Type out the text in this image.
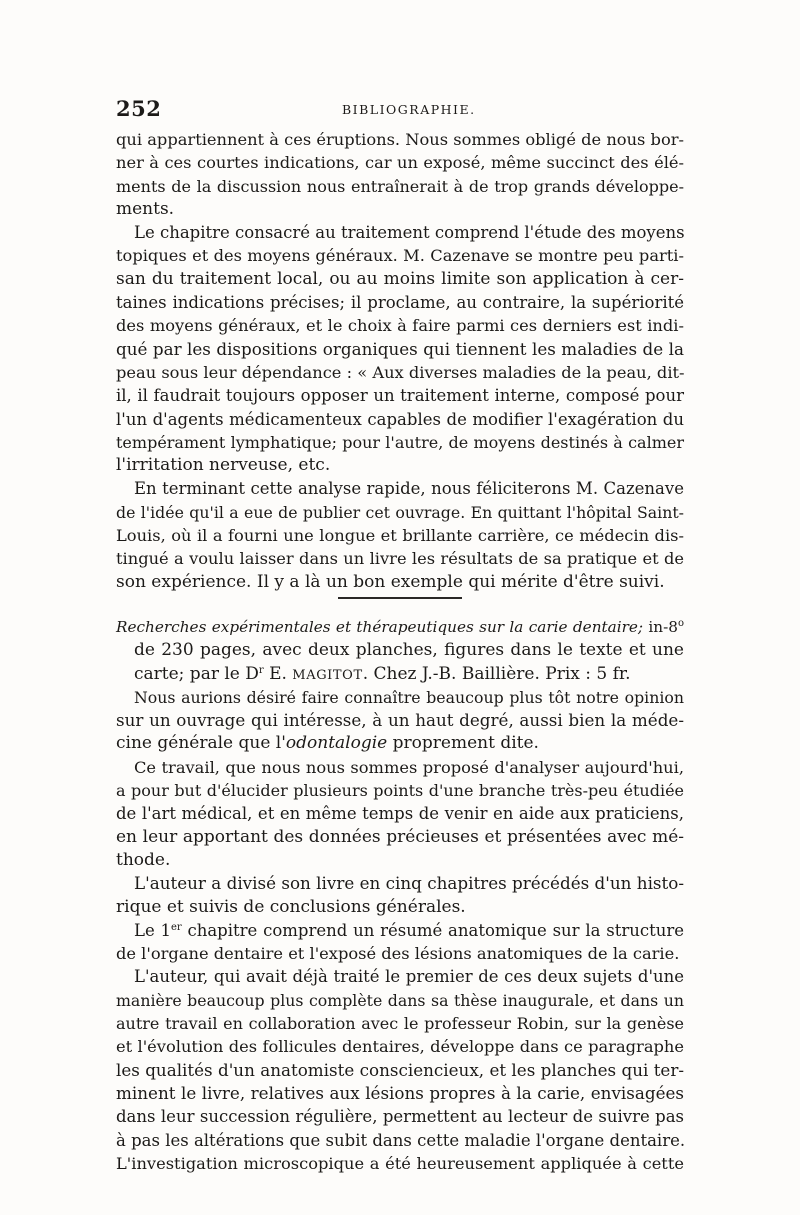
252	BIBLIOGRAPHIE.
qui appartiennent à ces éruptions. Nous sommes obligé de nous bor-
ner à ces courtes indications, car un exposé, même succinct des élé-
ments de la discussion nous entraînerait à de trop grands développe-
ments.
Le chapitre consacré au traitement comprend l'étude des moyens
topiques et des moyens généraux. M. Cazenave se montre peu parti-
san du traitement local, ou au moins limite son application à cer-
taines indications précises; il proclame, au contraire, la supériorité
des moyens généraux, et le choix à faire parmi ces derniers est indi-
qué par les dispositions organiques qui tiennent les maladies de la
peau sous leur dépendance : « Aux diverses maladies de la peau, dit-
il, il faudrait toujours opposer un traitement interne, composé pour
l'un d'agents médicamenteux capables de modifier l'exagération du
tempérament lymphatique; pour l'autre, de moyens destinés à calmer
l'irritation nerveuse, etc.
En terminant cette analyse rapide, nous féliciterons M. Cazenave
de l'idée qu'il a eue de publier cet ouvrage. En quittant l'hôpital Saint-
Louis, où il a fourni une longue et brillante carrière, ce médecin dis-
tingué a voulu laisser dans un livre les résultats de sa pratique et de
son expérience. Il y a là un bon exemple qui mérite d'être suivi.
Recherches expérimentales et thérapeutiques sur la carie dentaire; in-8$^o$
de 230 pages, avec deux planches, figures dans le texte et une
carte; par le $D^r$ E. MAGITOT. Chez J.-B. Baillière. Prix : 5 fr.
Nous aurions désiré faire connaître beaucoup plus tôt notre opinion
sur un ouvrage qui intéresse, à un haut degré, aussi bien la méde-
cine générale que l'odontalogie proprement dite.
Ce travail, que nous nous sommes proposé d'analyser aujourd'hui,
a pour but d'élucider plusieurs points d'une branche très-peu étudiée
de l'art médical, et en même temps de venir en aide aux praticiens,
en leur apportant des données précieuses et présentées avec mé-
thode.
L'auteur a divisé son livre en cinq chapitres précédés d'un histo-
rique et suivis de conclusions générales.
Le 1er chapitre comprend un résumé anatomique sur la structure
de l'organe dentaire et l'exposé des lésions anatomiques de la carie.
L'auteur, qui avait déjà traité le premier de ces deux sujets d'une
manière beaucoup plus complète dans sa thèse inaugurale, et dans un
autre travail en collaboration avec le professeur Robin, sur la genèse
et l'évolution des follicules dentaires, développe dans ce paragraphe
les qualités d'un anatomiste consciencieux, et les planches qui ter-
minent le livre, relatives aux lésions propres à la carie, envisagées
dans leur succession régulière, permettent au lecteur de suivre pas
à pas les altérations que subit dans cette maladie l'organe dentaire.
L'investigation microscopique a été heureusement appliquée à cette
